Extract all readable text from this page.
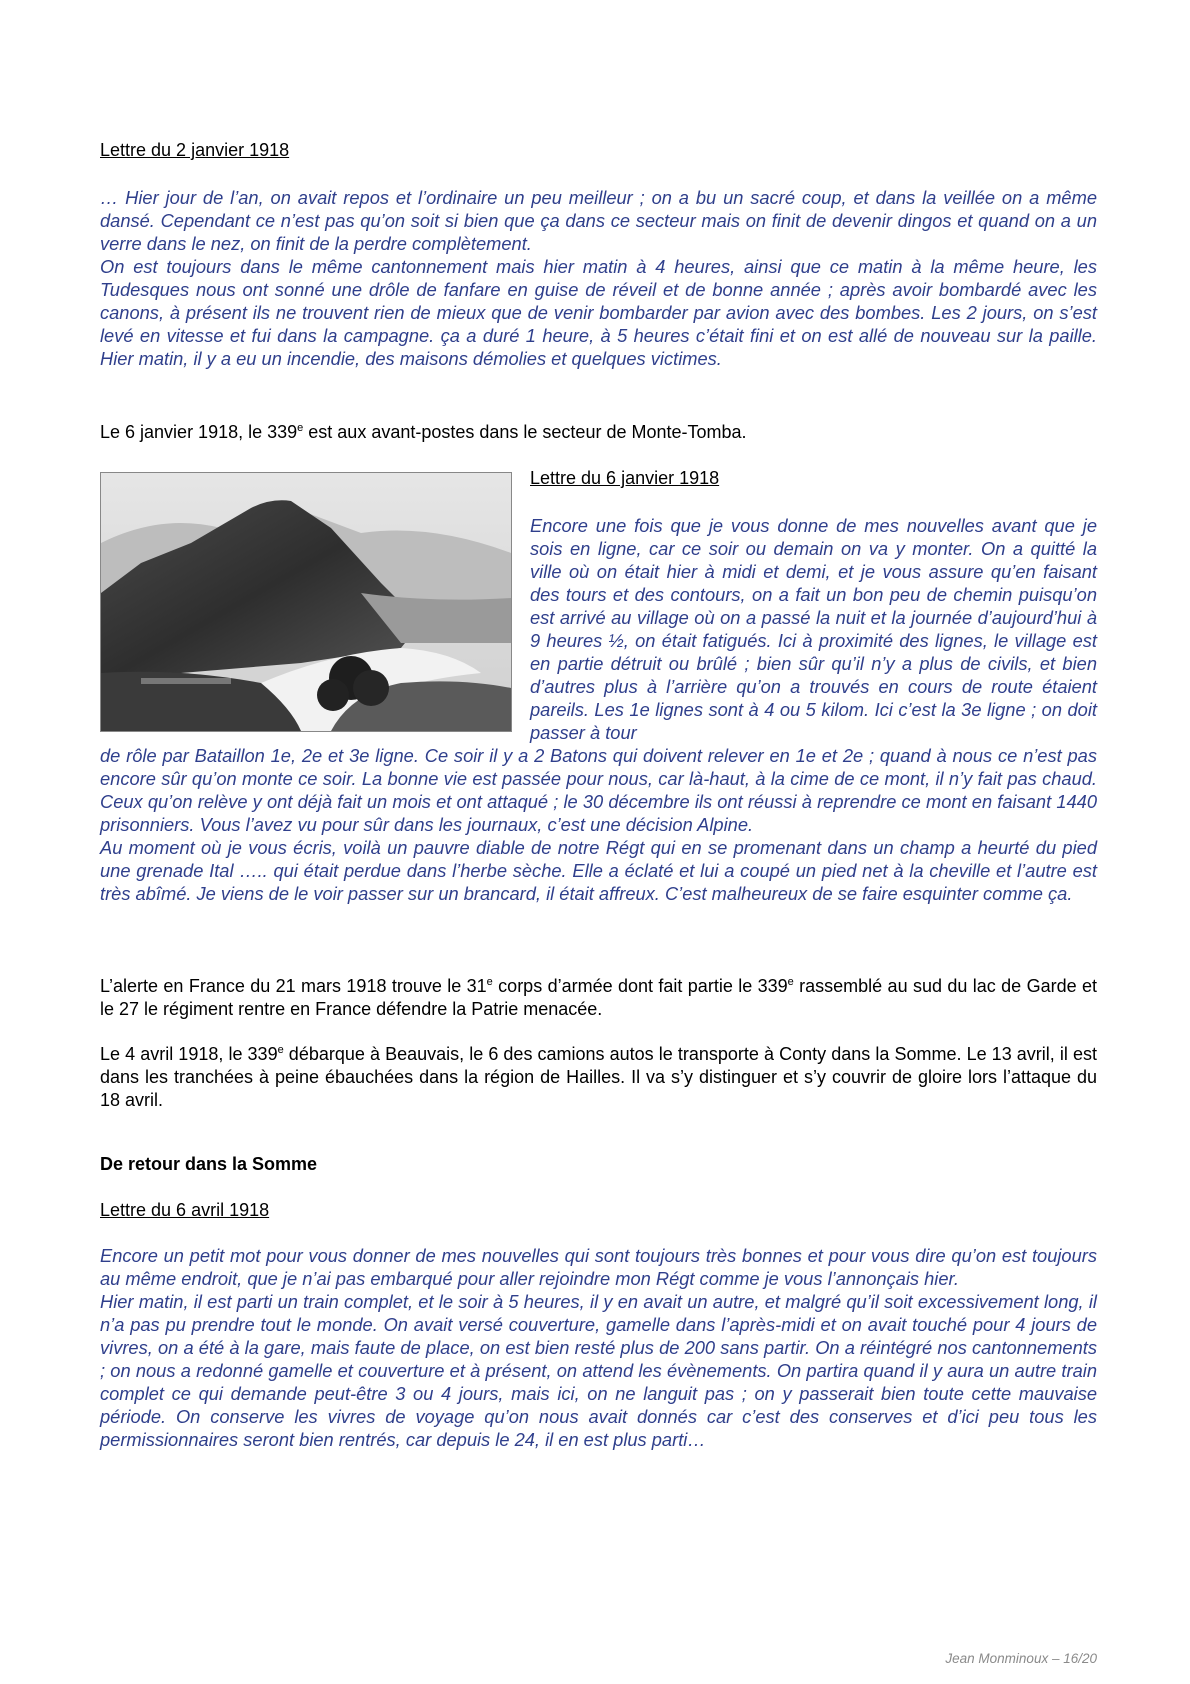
Lettre du 2 janvier 1918

… Hier jour de l’an, on avait repos et l’ordinaire un peu meilleur ; on a bu un sacré coup, et dans la veillée on a même dansé. Cependant ce n’est pas qu’on soit si bien que ça dans ce secteur mais on finit de devenir dingos et quand on a un verre dans le nez, on finit de la perdre complètement.

On est toujours dans le même cantonnement mais hier matin à 4 heures, ainsi que ce matin à la même heure, les Tudesques nous ont sonné une drôle de fanfare en guise de réveil et de bonne année ; après avoir bombardé avec les canons, à présent ils ne trouvent rien de mieux que de venir bombarder par avion avec des bombes. Les 2 jours, on s’est levé en vitesse et fui dans la campagne. ça a duré 1 heure, à 5 heures c’était fini et on est allé de nouveau sur la paille. Hier matin, il y a eu un incendie, des maisons démolies et quelques victimes.

Le 6 janvier 1918, le 339e est aux avant-postes dans le secteur de Monte-Tomba.
Lettre du 6 janvier 1918

Encore une fois que je vous donne de mes nouvelles avant que je sois en ligne, car ce soir ou demain on va y monter. On a quitté la ville où on était hier à midi et demi, et je vous assure qu’en faisant des tours et des contours, on a fait un bon peu de chemin puisqu’on est arrivé au village où on a passé la nuit et la journée d’aujourd’hui à 9 heures ½, on était fatigués. Ici à proximité des lignes, le village est en partie détruit ou brûlé ; bien sûr qu’il n’y a plus de civils, et bien d’autres plus à l’arrière qu’on a trouvés en cours de route étaient pareils. Les 1e lignes sont à 4 ou 5 kilom. Ici c’est la 3e ligne ; on doit passer à tour

de rôle par Bataillon 1e, 2e et 3e ligne. Ce soir il y a 2 Batons qui doivent relever en 1e et 2e ; quand à nous ce n’est pas encore sûr qu’on monte ce soir. La bonne vie est passée pour nous, car là-haut, à la cime de ce mont, il n’y fait pas chaud. Ceux qu’on relève y ont déjà fait un mois et ont attaqué ; le 30 décembre ils ont réussi à reprendre ce mont en faisant 1440 prisonniers. Vous l’avez vu pour sûr dans les journaux, c’est une décision Alpine.

Au moment où je vous écris, voilà un pauvre diable de notre Régt qui en se promenant dans un champ a heurté du pied une grenade Ital ….. qui était perdue dans l’herbe sèche. Elle a éclaté et lui a coupé un pied net à la cheville et l’autre est très abîmé. Je viens de le voir passer sur un brancard, il était affreux. C’est malheureux de se faire esquinter comme ça.

L’alerte en France du 21 mars 1918 trouve le 31e corps d’armée dont fait partie le 339e rassemblé au sud du lac de Garde et le 27 le régiment rentre en France défendre la Patrie menacée.
Le 4 avril 1918, le 339e débarque à Beauvais, le 6 des camions autos le transporte à Conty dans la Somme. Le 13 avril, il est dans les tranchées à peine ébauchées dans la région de Hailles. Il va s’y distinguer et s’y couvrir de gloire lors l’attaque du 18 avril.
De retour dans la Somme
Lettre du 6 avril 1918

Encore un petit mot pour vous donner de mes nouvelles qui sont toujours très bonnes et pour vous dire qu’on est toujours au même endroit, que je n’ai pas embarqué pour aller rejoindre mon Régt comme je vous l’annonçais hier.

Hier matin, il est parti un train complet, et le soir à 5 heures, il y en avait un autre, et malgré qu’il soit excessivement long, il n’a pas pu prendre tout le monde. On avait versé couverture, gamelle dans l’après-midi et on avait touché pour 4 jours de vivres, on a été à la gare, mais faute de place, on est bien resté plus de 200 sans partir. On a réintégré nos cantonnements ; on nous a redonné gamelle et couverture et à présent, on attend les évènements. On partira quand il y aura un autre train complet ce qui demande peut-être 3 ou 4 jours, mais ici, on ne languit pas ; on y passerait bien toute cette mauvaise période. On conserve les vivres de voyage qu’on nous avait donnés car c’est des conserves et d’ici peu tous les permissionnaires seront bien rentrés, car depuis le 24, il en est plus parti…

Jean Monminoux – 16/20
